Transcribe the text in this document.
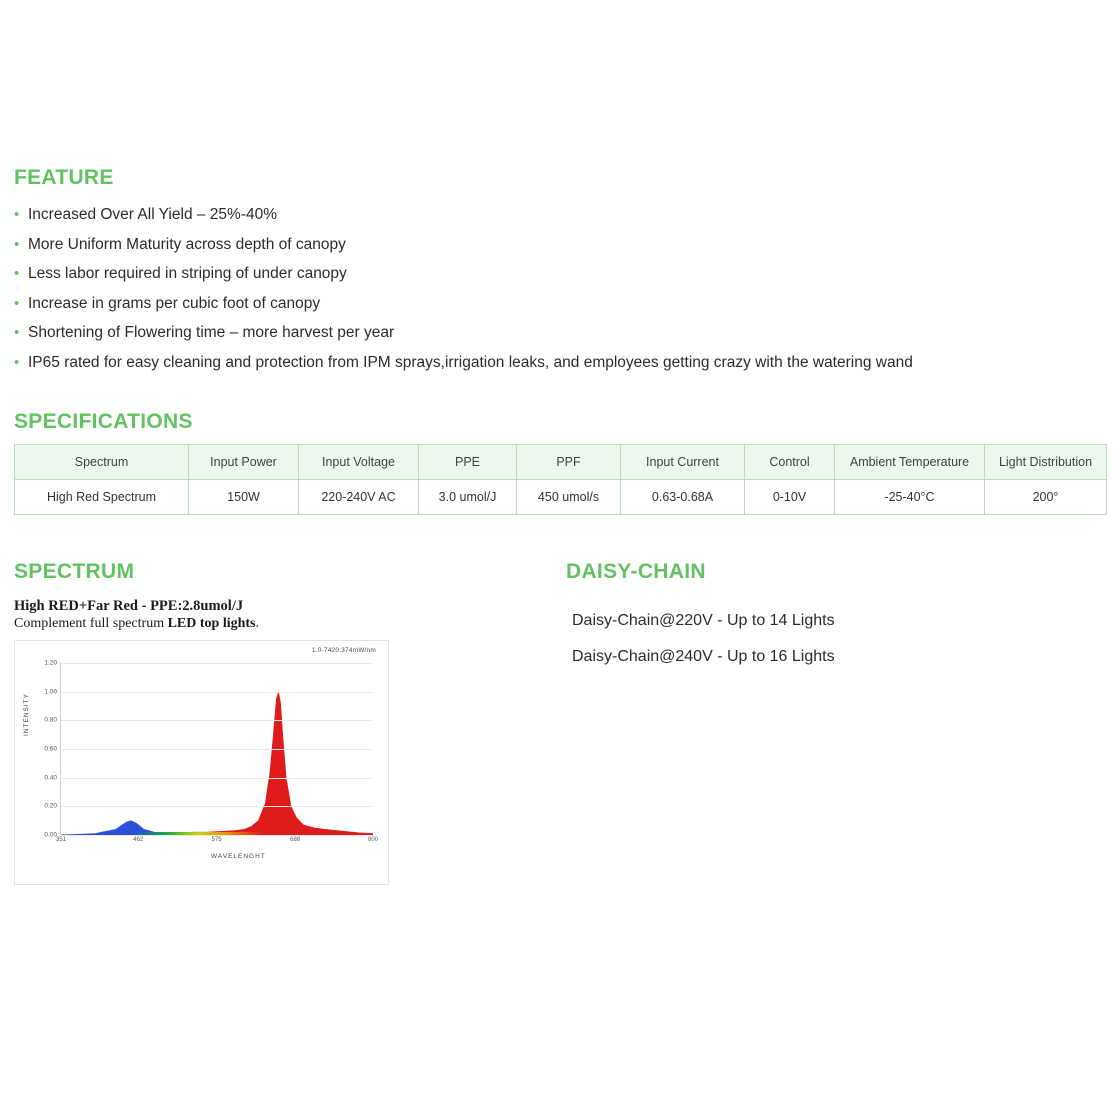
FEATURE
• Increased Over All Yield – 25%-40%
• More Uniform Maturity across depth of canopy
• Less labor required in striping of under canopy
• Increase in grams per cubic foot of canopy
• Shortening of Flowering time – more harvest per year
• IP65 rated for easy cleaning and protection from IPM sprays,irrigation leaks, and employees getting crazy with the watering wand
SPECIFICATIONS
Spectrum	Input Power	Input Voltage	PPE	PPF	Input Current	Control	Ambient Temperature	Light Distribution
High Red Spectrum	150W	220-240V AC	3.0 umol/J	450 umol/s	0.63-0.68A	0-10V	-25-40°C	200°
SPECTRUM

High RED+Far Red - PPE:2.8umol/J

Complement full spectrum LED top lights.

1.0-7420.374mW/nm
INTENSITY
WAVELENGHT
0.00
0.20
0.40
0.60
0.80
1.00
1.20
351	462	575	688	800
DAISY-CHAIN

Daisy-Chain@220V - Up to 14 Lights

Daisy-Chain@240V - Up to 16 Lights
